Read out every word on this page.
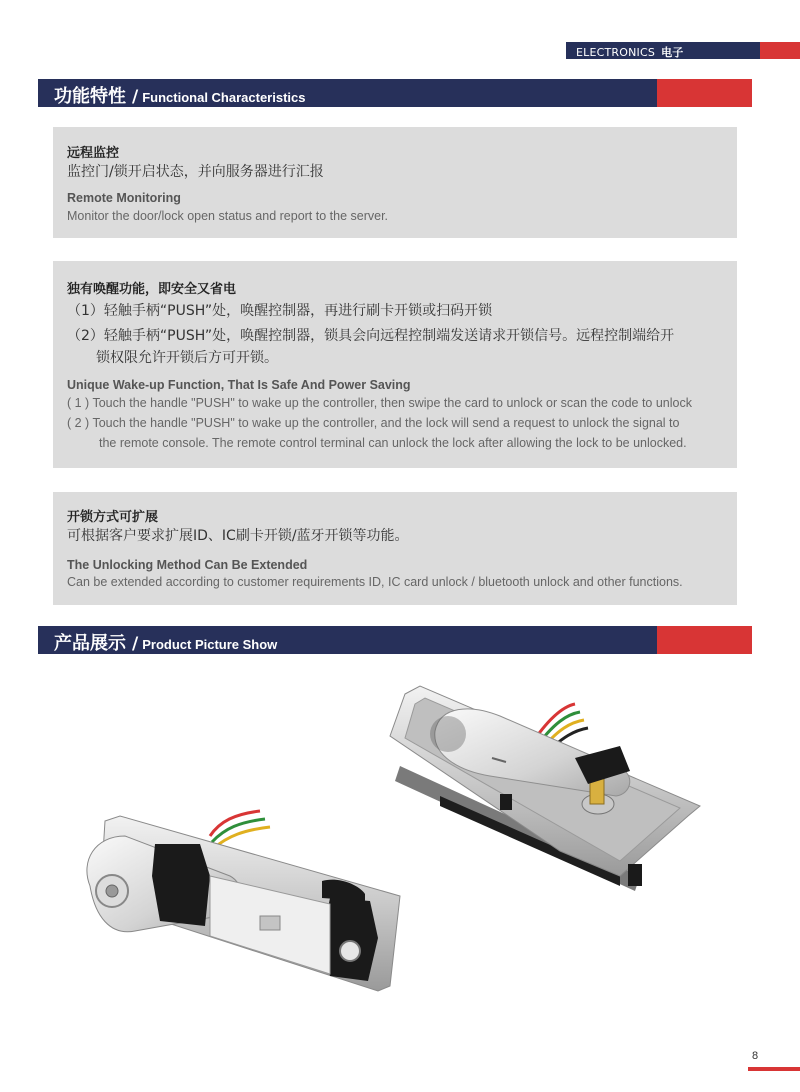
ELECTRONICS 电子
功能特性 / Functional Characteristics
远程监控
监控门/锁开启状态，并向服务器进行汇报
Remote Monitoring
Monitor the door/lock open status and report to the server.
独有唤醒功能，即安全又省电
（1）轻触手柄“PUSH”处，唤醒控制器，再进行刷卡开锁或扫码开锁
（2）轻触手柄“PUSH”处，唤醒控制器，锁具会向远程控制端发送请求开锁信号。远程控制端给开
锁权限允许开锁后方可开锁。
Unique Wake-up Function, That Is Safe And Power Saving
( 1 ) Touch the handle "PUSH" to wake up the controller, then swipe the card to unlock or scan the code to unlock
( 2 ) Touch the handle "PUSH" to wake up the controller, and the lock will send a request to unlock the signal to
the remote console. The remote control terminal can unlock the lock after allowing the lock to be unlocked.
开锁方式可扩展
可根据客户要求扩展ID、IC刷卡开锁/蓝牙开锁等功能。
The Unlocking Method Can Be Extended
Can be extended according to customer requirements ID, IC card unlock / bluetooth unlock and other functions.
产品展示 / Product Picture Show
8
